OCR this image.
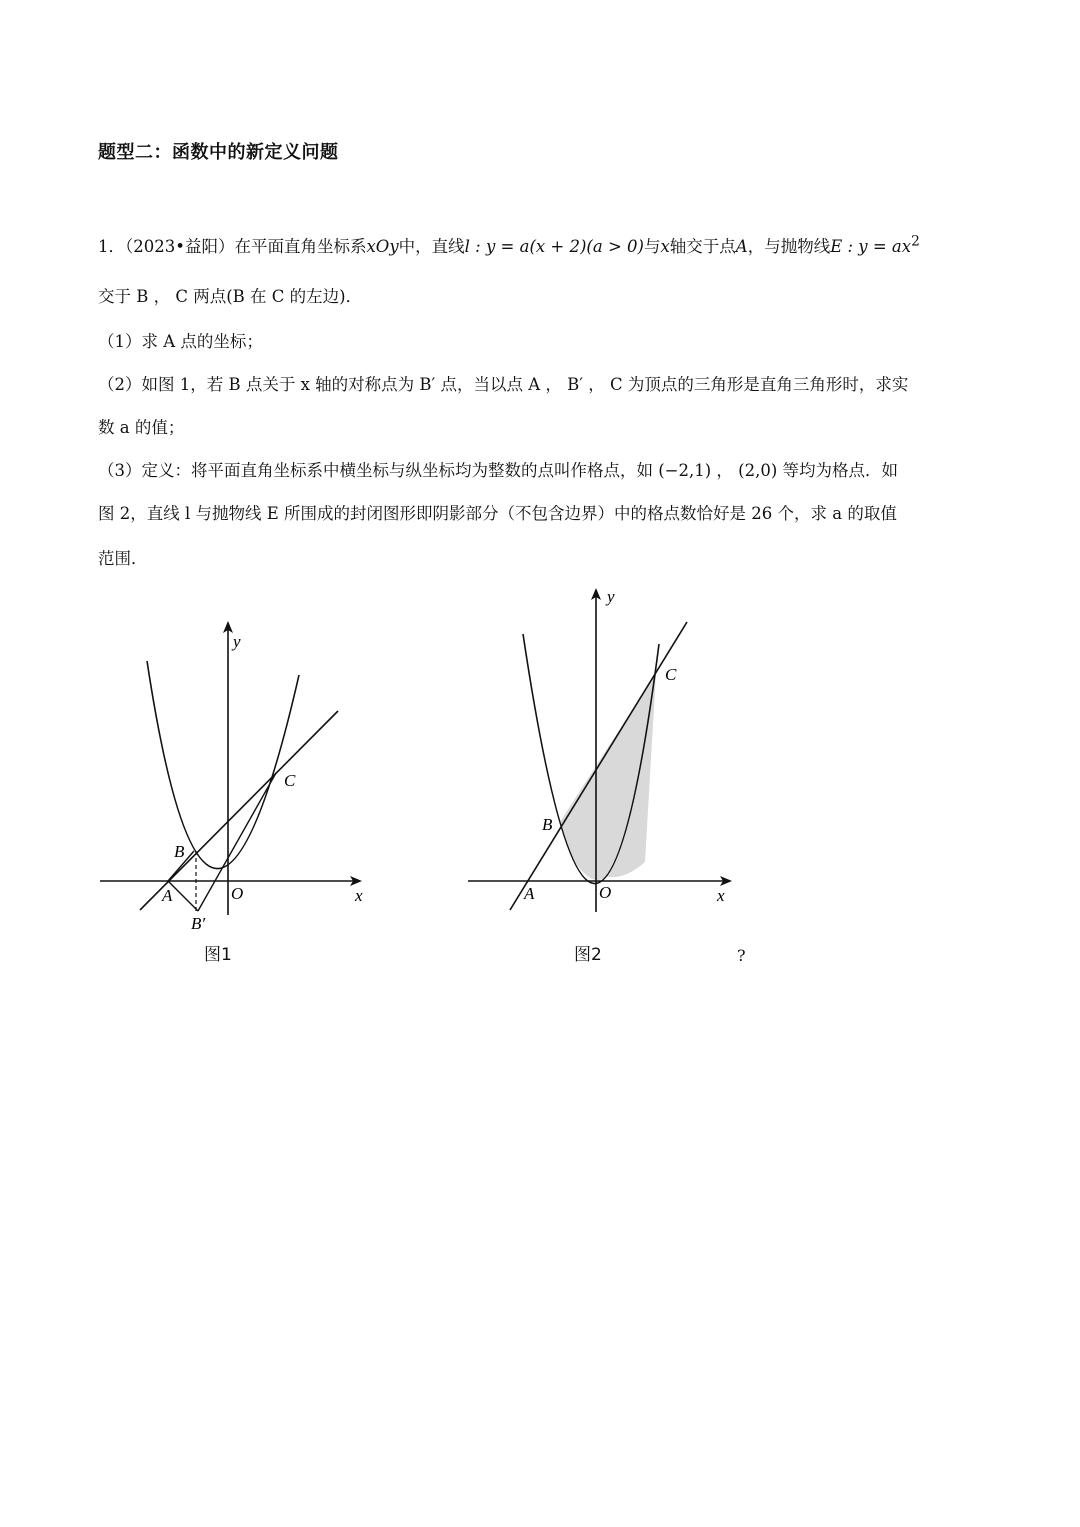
题型二：函数中的新定义问题
1．（2023•益阳）在平面直角坐标系xOy中，直线l : y = a(x + 2)(a > 0)与x轴交于点A，与抛物线E : $y = ax^2$
交于 B ， C 两点(B 在 C 的左边)．
（1）求 A 点的坐标；
（2）如图 1，若 B 点关于 x 轴的对称点为 B′ 点，当以点 A ， B′ ， C 为顶点的三角形是直角三角形时，求实
数 a 的值；
（3）定义：将平面直角坐标系中横坐标与纵坐标均为整数的点叫作格点，如 (−2,1) ， (2,0) 等均为格点．如
图 2，直线 l 与抛物线 E 所围成的封闭图形即阴影部分（不包含边界）中的格点数恰好是 26 个，求 a 的取值
范围．
y
x
O
A
B
B′
C
图1
y
x
O
A
B
C
图2	?
